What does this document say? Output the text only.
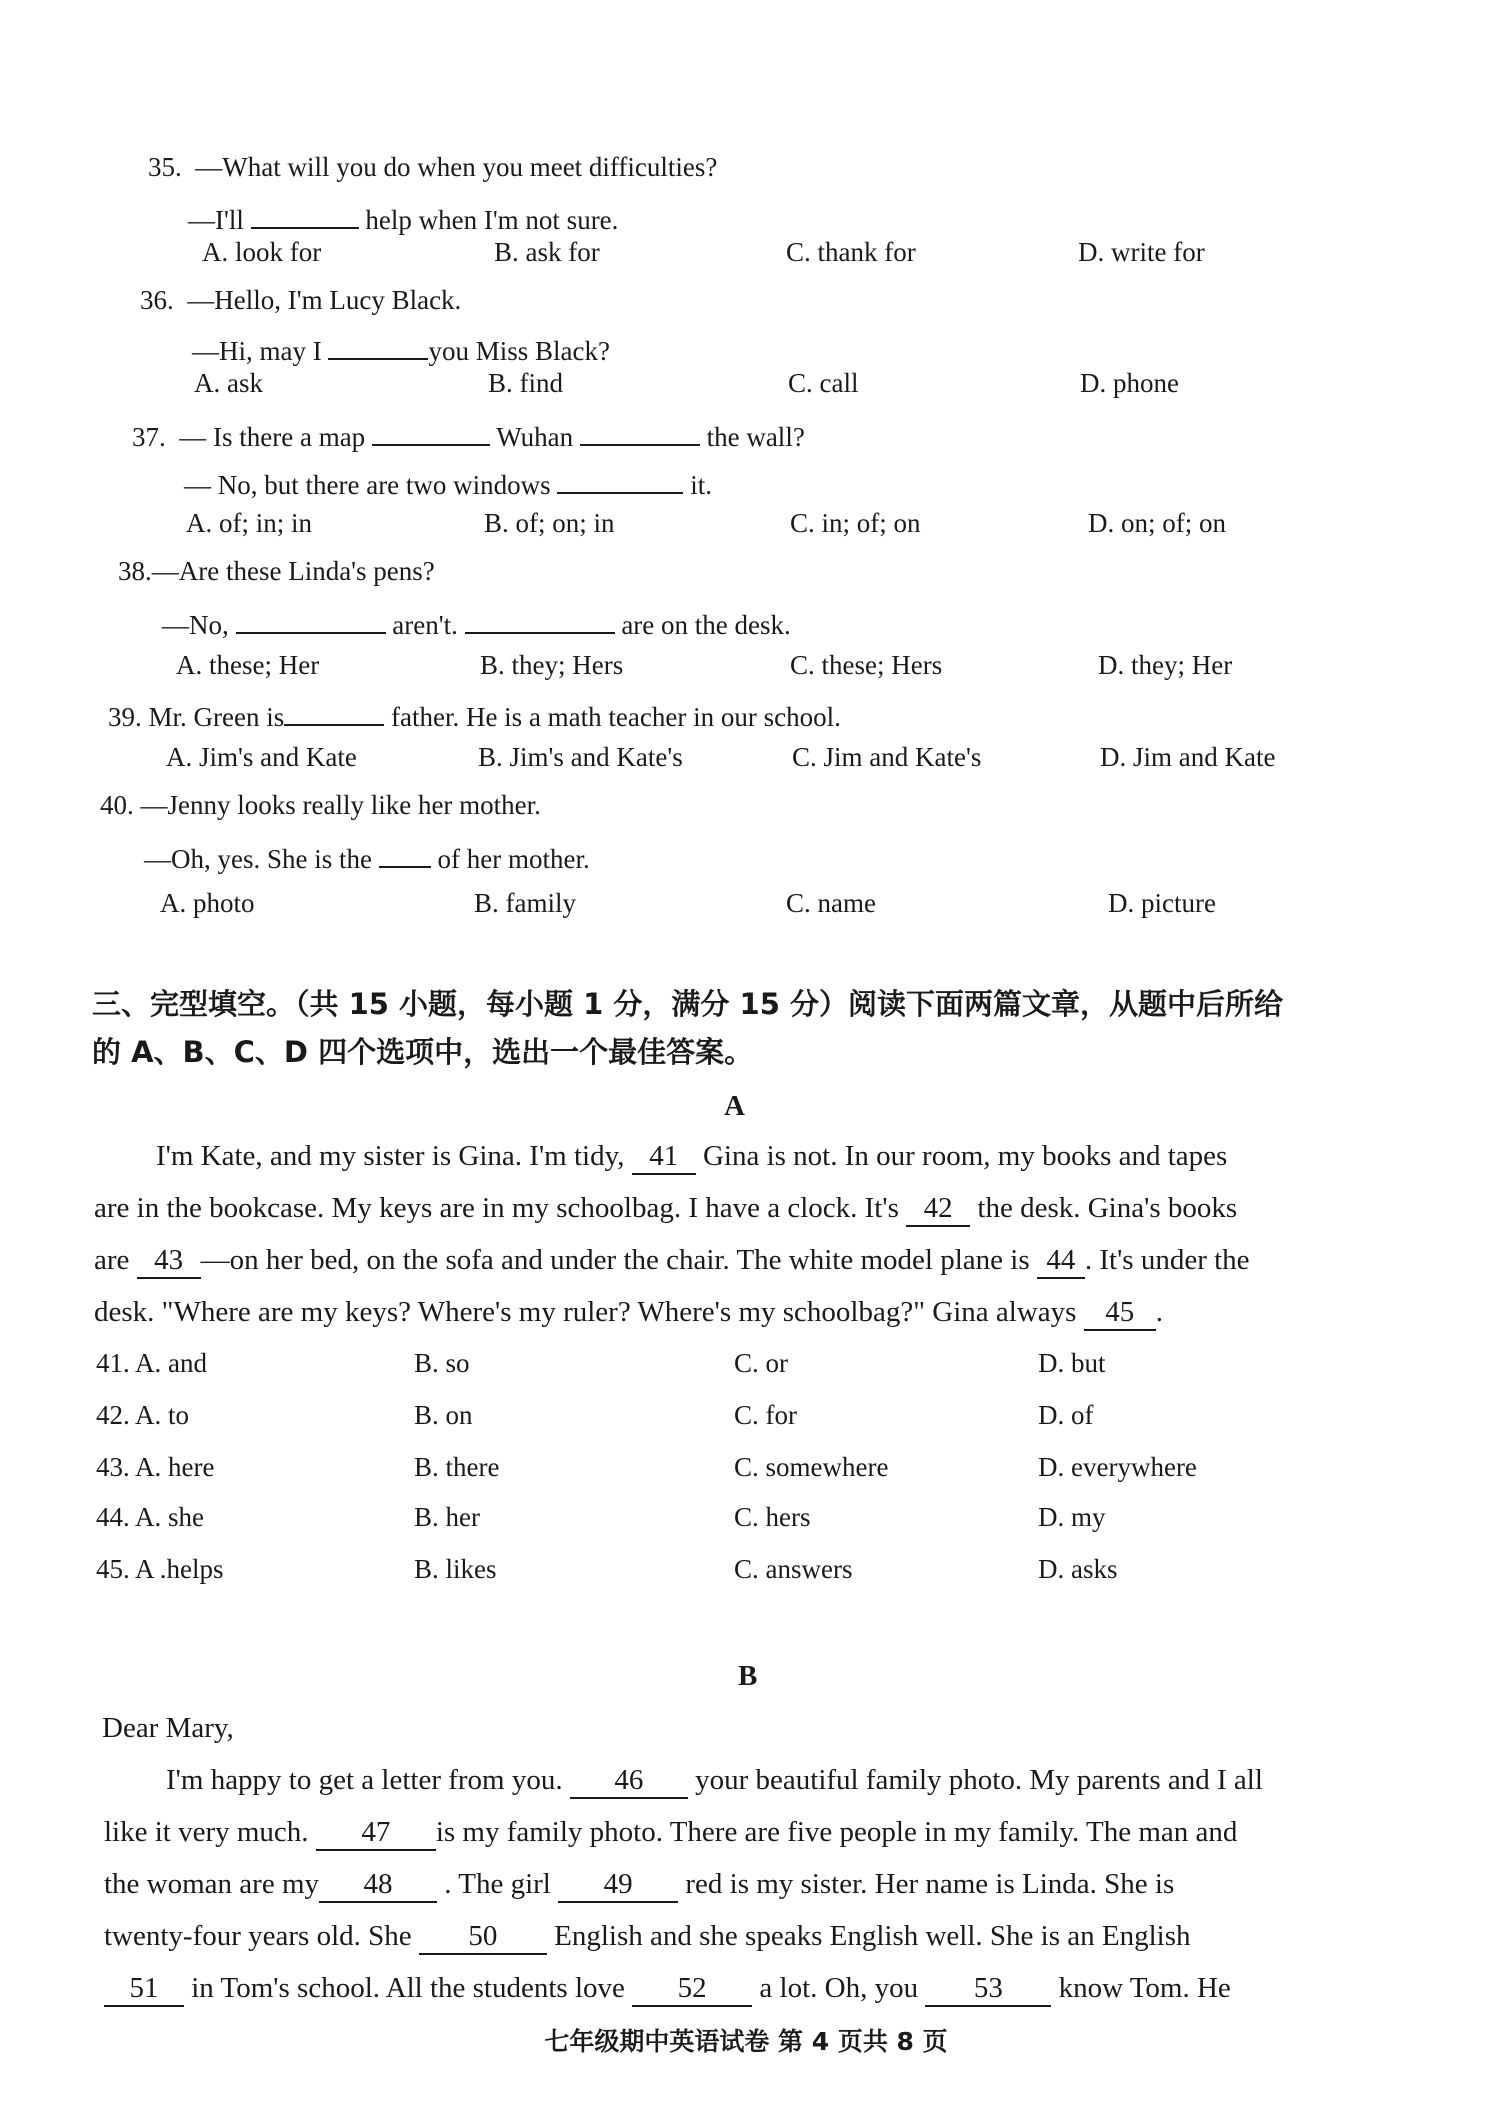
35. —What will you do when you meet difficulties?
—I'll	help when I'm not sure.
A. look for	B. ask for	C. thank for	D. write for
36. —Hello, I'm Lucy Black.
—Hi, may I	you Miss Black?
A. ask	B. find	C. call	D. phone
37. — Is there a map	Wuhan	the wall?
— No, but there are two windows	it.
A. of; in; in	B. of; on; in	C. in; of; on	D. on; of; on
38.—Are these Linda's pens?
—No,	aren't.	are on the desk.
A. these; Her	B. they; Hers	C. these; Hers	D. they; Her
39. Mr. Green is	father. He is a math teacher in our school.
A. Jim's and Kate	B. Jim's and Kate's	C. Jim and Kate's	D. Jim and Kate
40. —Jenny looks really like her mother.
—Oh, yes. She is the of her mother.
A. photo	B. family	C. name	D. picture
三、完型填空。（共 15 小题，每小题 1 分，满分 15 分）阅读下面两篇文章，从题中后所给
的 A、B、C、D 四个选项中，选出一个最佳答案。
A
I'm Kate, and my sister is Gina. I'm tidy, 41 Gina is not. In our room, my books and tapes
are in the bookcase. My keys are in my schoolbag. I have a clock. It's 42 the desk. Gina's books
are 43 —on her bed, on the sofa and under the chair. The white model plane is 44 . It's under the
desk. "Where are my keys? Where's my ruler? Where's my schoolbag?" Gina always 45 .
41. A. and	B. so	C. or	D. but
42. A. to	B. on	C. for	D. of
43. A. here	B. there	C. somewhere	D. everywhere
44. A. she	B. her	C. hers	D. my
45. A .helps	B. likes	C. answers	D. asks
B
Dear Mary,
I'm happy to get a letter from you. 46 your beautiful family photo. My parents and I all
like it very much. 47 is my family photo. There are five people in my family. The man and
the woman are my 48 . The girl 49 red is my sister. Her name is Linda. She is
twenty-four years old. She 50 English and she speaks English well. She is an English
51 in Tom's school. All the students love 52 a lot. Oh, you 53 know Tom. He
七年级期中英语试卷 第 4 页共 8 页
